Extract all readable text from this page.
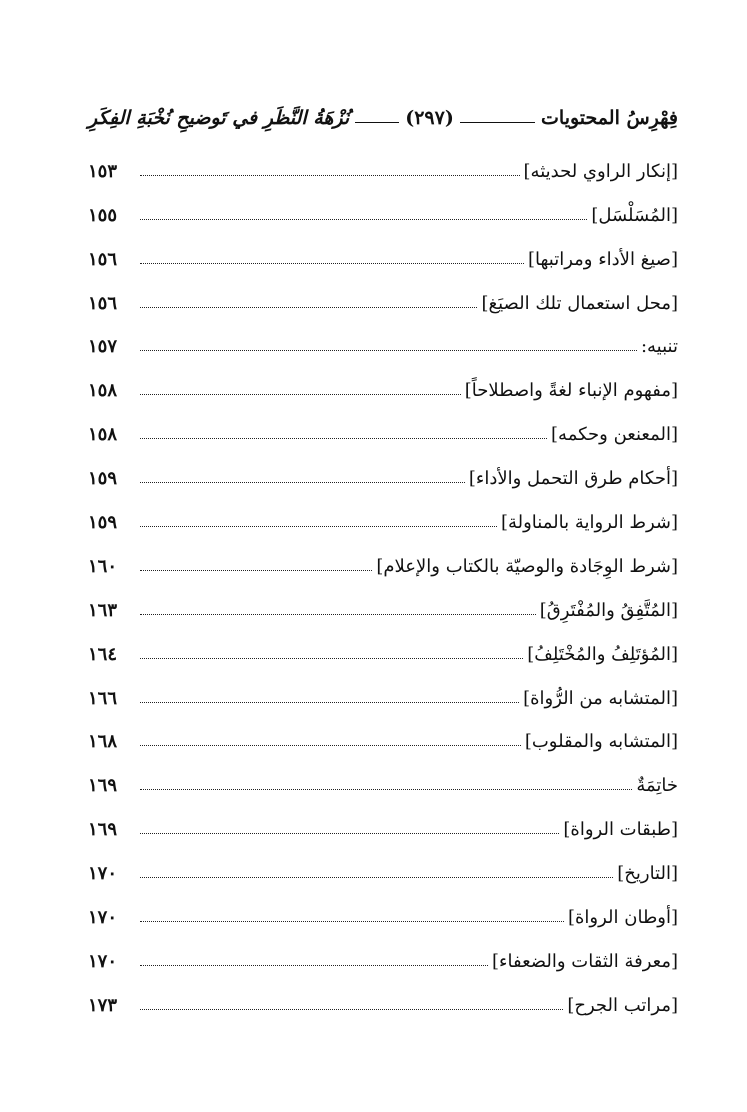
فِهْرِسُ المحتويات
(٢٩٧)
نُزْهَةُ النَّظَرِ في تَوضيحِ نُخْبَةِ الفِكَرِ
[إنكار الراوي لحديثه]
١٥٣
[المُسَلْسَل]
١٥٥
[صيغ الأداء ومراتبها]
١٥٦
[محل استعمال تلك الصيَغ]
١٥٦
تنبيه:
١٥٧
[مفهوم الإنباء لغةً واصطلاحاً]
١٥٨
[المعنعن وحكمه]
١٥٨
[أحكام طرق التحمل والأداء]
١٥٩
[شرط الرواية بالمناولة]
١٥٩
[شرط الوِجَادة والوصيّة بالكتاب والإعلام]
١٦٠
[المُتَّفِقُ والمُفْتَرِقُ]
١٦٣
[المُؤتَلِفُ والمُخْتَلِفُ]
١٦٤
[المتشابه من الرُّواة]
١٦٦
[المتشابه والمقلوب]
١٦٨
خاتِمَةٌ
١٦٩
[طبقات الرواة]
١٦٩
[التاريخ]
١٧٠
[أوطان الرواة]
١٧٠
[معرفة الثقات والضعفاء]
١٧٠
[مراتب الجرح]
١٧٣
